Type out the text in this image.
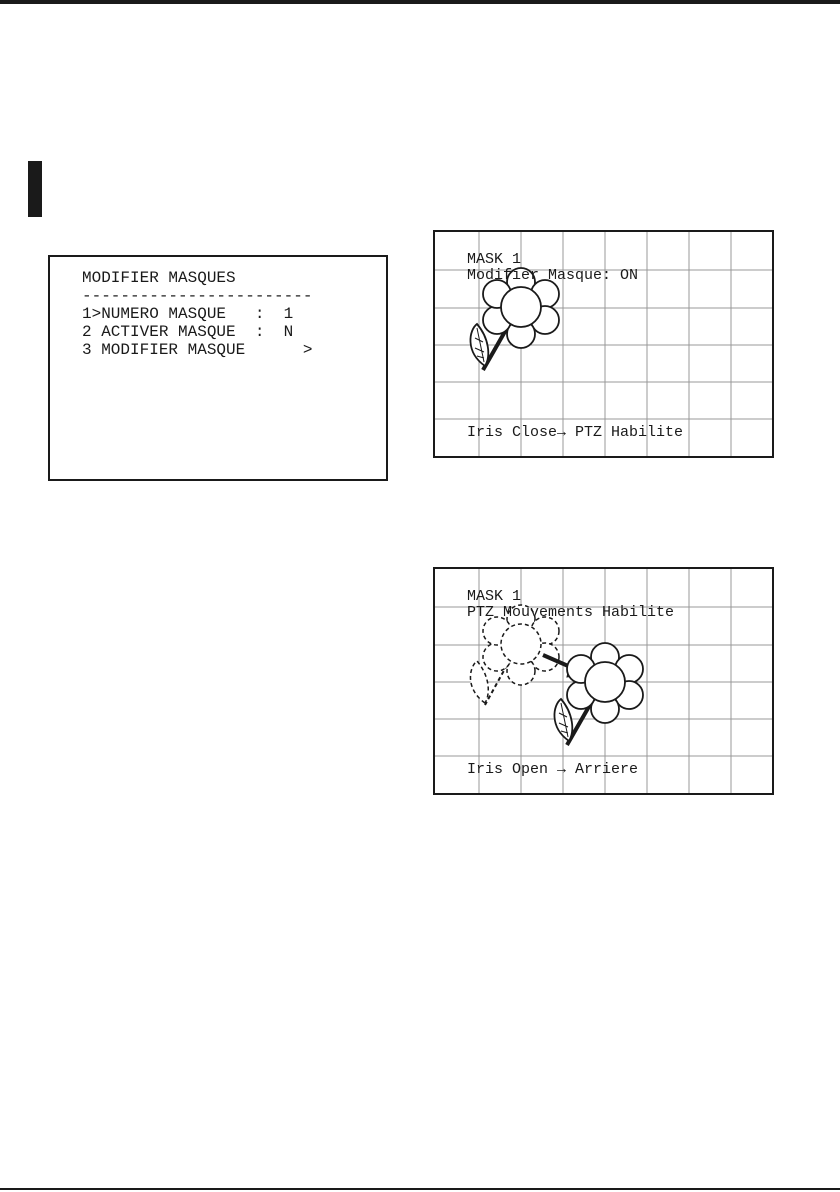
MODIFIER MASQUES
------------------------
1>NUMERO MASQUE   :  1
2 ACTIVER MASQUE  :  N
3 MODIFIER MASQUE      >
MASK 1
Modifier Masque: ON
Iris Close→ PTZ Habilite
MASK 1
PTZ Mouvements Habilite
Iris Open → Arriere
